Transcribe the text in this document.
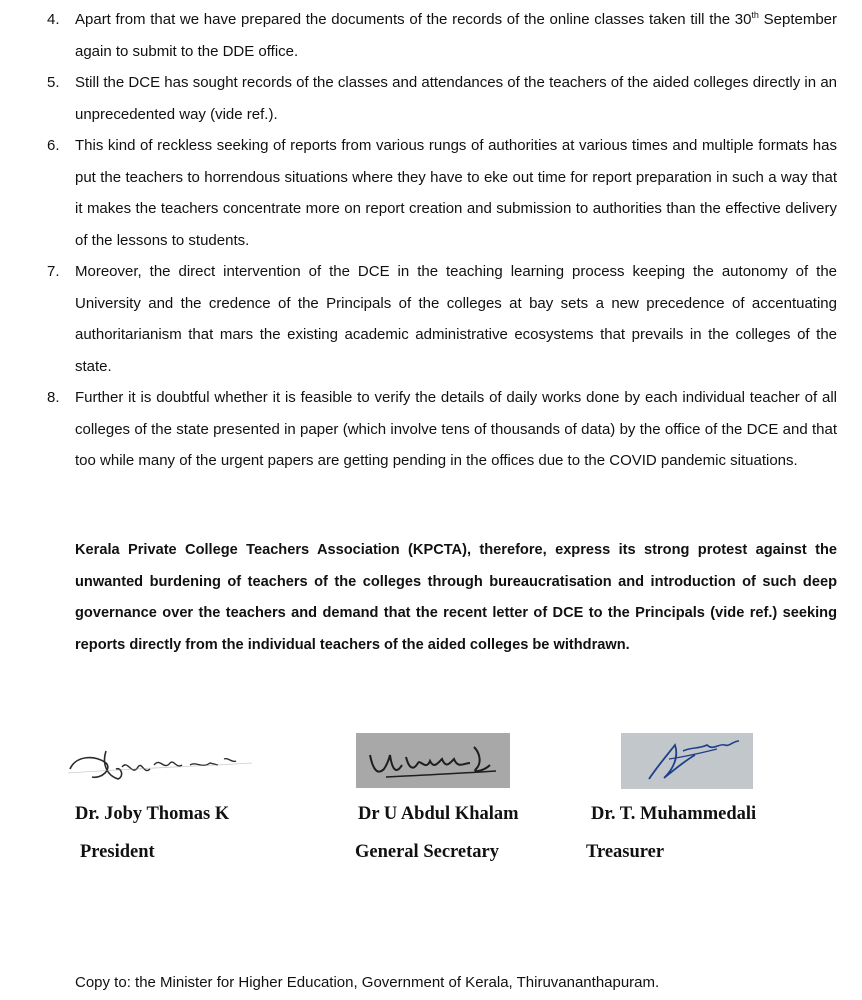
4. Apart from that we have prepared the documents of the records of the online classes taken till the 30th September again to submit to the DDE office.
5. Still the DCE has sought records of the classes and attendances of the teachers of the aided colleges directly in an unprecedented way (vide ref.).
6. This kind of reckless seeking of reports from various rungs of authorities at various times and multiple formats has put the teachers to horrendous situations where they have to eke out time for report preparation in such a way that it makes the teachers concentrate more on report creation and submission to authorities than the effective delivery of the lessons to students.
7. Moreover, the direct intervention of the DCE in the teaching learning process keeping the autonomy of the University and the credence of the Principals of the colleges at bay sets a new precedence of accentuating authoritarianism that mars the existing academic administrative ecosystems that prevails in the colleges of the state.
8. Further it is doubtful whether it is feasible to verify the details of daily works done by each individual teacher of all colleges of the state presented in paper (which involve tens of thousands of data) by the office of the DCE and that too while many of the urgent papers are getting pending in the offices due to the COVID pandemic situations.
Kerala Private College Teachers Association (KPCTA), therefore, express its strong protest against the unwanted burdening of teachers of the colleges through bureaucratisation and introduction of such deep governance over the teachers and demand that the recent letter of DCE to the Principals (vide ref.) seeking reports directly from the individual teachers of the aided colleges be withdrawn.
Dr. Joby Thomas K
President
Dr U Abdul Khalam
General Secretary
Dr. T. Muhammedali
Treasurer
Copy to: the Minister for Higher Education, Government of Kerala, Thiruvananthapuram.
